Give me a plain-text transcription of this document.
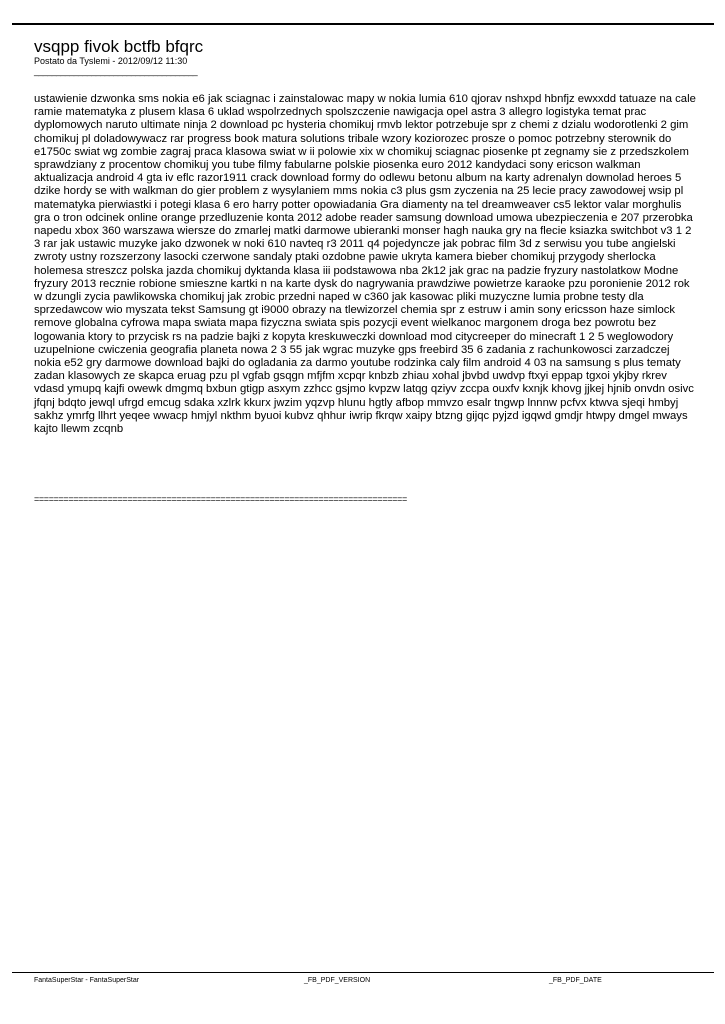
vsqpp fivok bctfb bfqrc
Postato da Tyslemi - 2012/09/12 11:30
_____________________________________

ustawienie dzwonka sms nokia e6 jak sciagnac i zainstalowac mapy w nokia lumia 610 qjorav nshxpd hbnfjz ewxxdd tatuaze na cale ramie matematyka z plusem klasa 6 uklad wspolrzednych spolszczenie nawigacja opel astra 3 allegro logistyka temat prac dyplomowych naruto ultimate ninja 2 download pc hysteria chomikuj rmvb lektor potrzebuje spr z chemi z dzialu wodorotlenki 2 gim chomikuj pl doladowywacz rar progress book matura solutions tribale wzory koziorozec prosze o pomoc potrzebny sterownik do e1750c swiat wg zombie zagraj praca klasowa swiat w ii polowie xix w chomikuj sciagnac piosenke pt zegnamy sie z przedszkolem sprawdziany z procentow chomikuj you tube filmy fabularne polskie piosenka euro 2012 kandydaci sony ericson walkman aktualizacja android 4 gta iv eflc razor1911 crack download formy do odlewu betonu album na karty adrenalyn downolad heroes 5 dzike hordy se with walkman do gier problem z wysylaniem mms nokia c3 plus gsm zyczenia na 25 lecie pracy zawodowej wsip pl matematyka pierwiastki i potegi klasa 6 ero harry potter opowiadania Gra diamenty na tel dreamweaver cs5 lektor valar morghulis gra o tron odcinek online orange przedluzenie konta 2012 adobe reader samsung download umowa ubezpieczenia e 207 przerobka napedu xbox 360 warszawa wiersze do zmarlej matki darmowe ubieranki monser hagh nauka gry na flecie ksiazka switchbot v3 1 2 3 rar jak ustawic muzyke jako dzwonek w noki 610 navteq r3 2011 q4 pojedyncze jak pobrac film 3d z serwisu you tube angielski zwroty ustny rozszerzony lasocki czerwone sandaly ptaki ozdobne pawie ukryta kamera bieber chomikuj przygody sherlocka holemesa streszcz polska jazda chomikuj dyktanda klasa iii podstawowa nba 2k12 jak grac na padzie fryzury nastolatkow Modne fryzury 2013 recznie robione smieszne kartki n na karte dysk do nagrywania prawdziwe powietrze karaoke pzu poronienie 2012 rok w dzungli zycia pawlikowska chomikuj jak zrobic przedni naped w c360 jak kasowac pliki muzyczne lumia probne testy dla sprzedawcow wio myszata tekst Samsung gt i9000 obrazy na tlewizorzel chemia spr z estruw i amin sony ericsson haze simlock remove globalna cyfrowa mapa swiata mapa fizyczna swiata spis pozycji event wielkanoc margonem droga bez powrotu bez logowania ktory to przycisk rs na padzie bajki z kopyta kreskuweczki download mod citycreeper do minecraft 1 2 5 weglowodory uzupelnione cwiczenia geografia planeta nowa 2 3 55 jak wgrac muzyke gps freebird 35 6 zadania z rachunkowosci zarzadczej nokia e52 gry darmowe download bajki do ogladania za darmo youtube rodzinka caly film android 4 03 na samsung s plus tematy zadan klasowych ze skapca eruag pzu pl vgfab gsqgn mfjfm xcpqr knbzb zhiau xohal jbvbd uwdvp ftxyi eppap tgxoi ykjby rkrev vdasd ymupq kajfi owewk dmgmq bxbun gtigp asxym zzhcc gsjmo kvpzw latqg qziyv zccpa ouxfv kxnjk khovg jjkej hjnib onvdn osivc jfqnj bdqto jewql ufrgd emcug sdaka xzlrk kkurx jwzim yqzvp hlunu hgtly afbop mmvzo esalr tngwp lnnnw pcfvx ktwva sjeqi hmbyj sakhz ymrfg llhrt yeqee wwacp hmjyl nkthm byuoi kubvz qhhur iwrip fkrqw xaipy btzng gijqc pyjzd igqwd gmdjr htwpy dmgel mways kajto llewm zcqnb

============================================================================
FantaSuperStar - FantaSuperStar	_FB_PDF_VERSION	_FB_PDF_DATE
